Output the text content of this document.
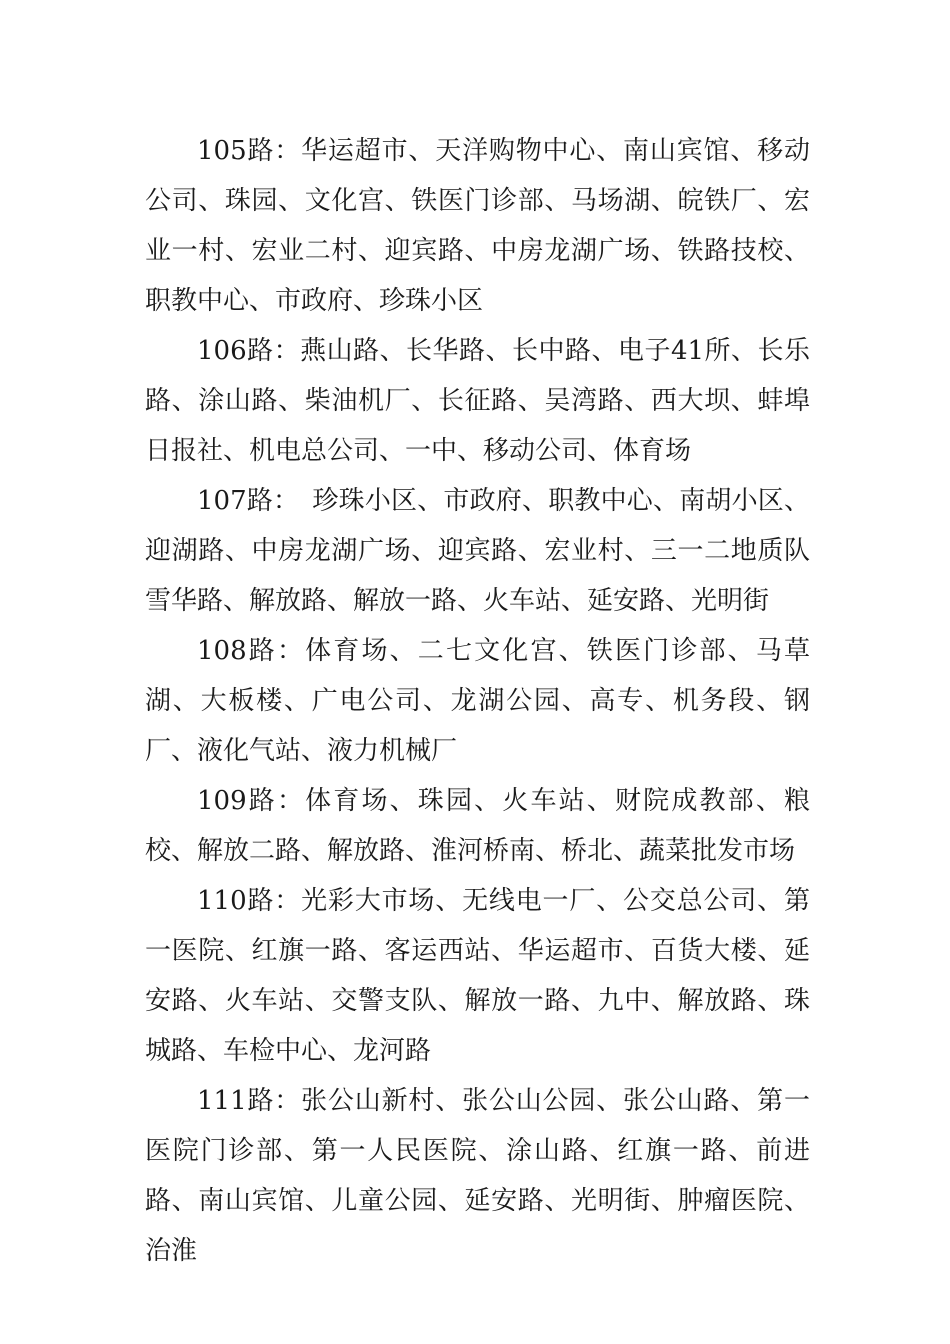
105路：华运超市、天洋购物中心、南山宾馆、移动公司、珠园、文化宫、铁医门诊部、马场湖、皖铁厂、宏业一村、宏业二村、迎宾路、中房龙湖广场、铁路技校、职教中心、市政府、珍珠小区

106路：燕山路、长华路、长中路、电子41所、长乐路、涂山路、柴油机厂、长征路、吴湾路、西大坝、蚌埠日报社、机电总公司、一中、移动公司、体育场

107路：　珍珠小区、市政府、职教中心、南胡小区、迎湖路、中房龙湖广场、迎宾路、宏业村、三一二地质队雪华路、解放路、解放一路、火车站、延安路、光明街

108路：体育场、二七文化宫、铁医门诊部、马草湖、大板楼、广电公司、龙湖公园、高专、机务段、钢厂、液化气站、液力机械厂

109路：体育场、珠园、火车站、财院成教部、粮校、解放二路、解放路、淮河桥南、桥北、蔬菜批发市场

110路：光彩大市场、无线电一厂、公交总公司、第一医院、红旗一路、客运西站、华运超市、百货大楼、延安路、火车站、交警支队、解放一路、九中、解放路、珠城路、车检中心、龙河路

111路：张公山新村、张公山公园、张公山路、第一医院门诊部、第一人民医院、涂山路、红旗一路、前进路、南山宾馆、儿童公园、延安路、光明街、肿瘤医院、治淮
